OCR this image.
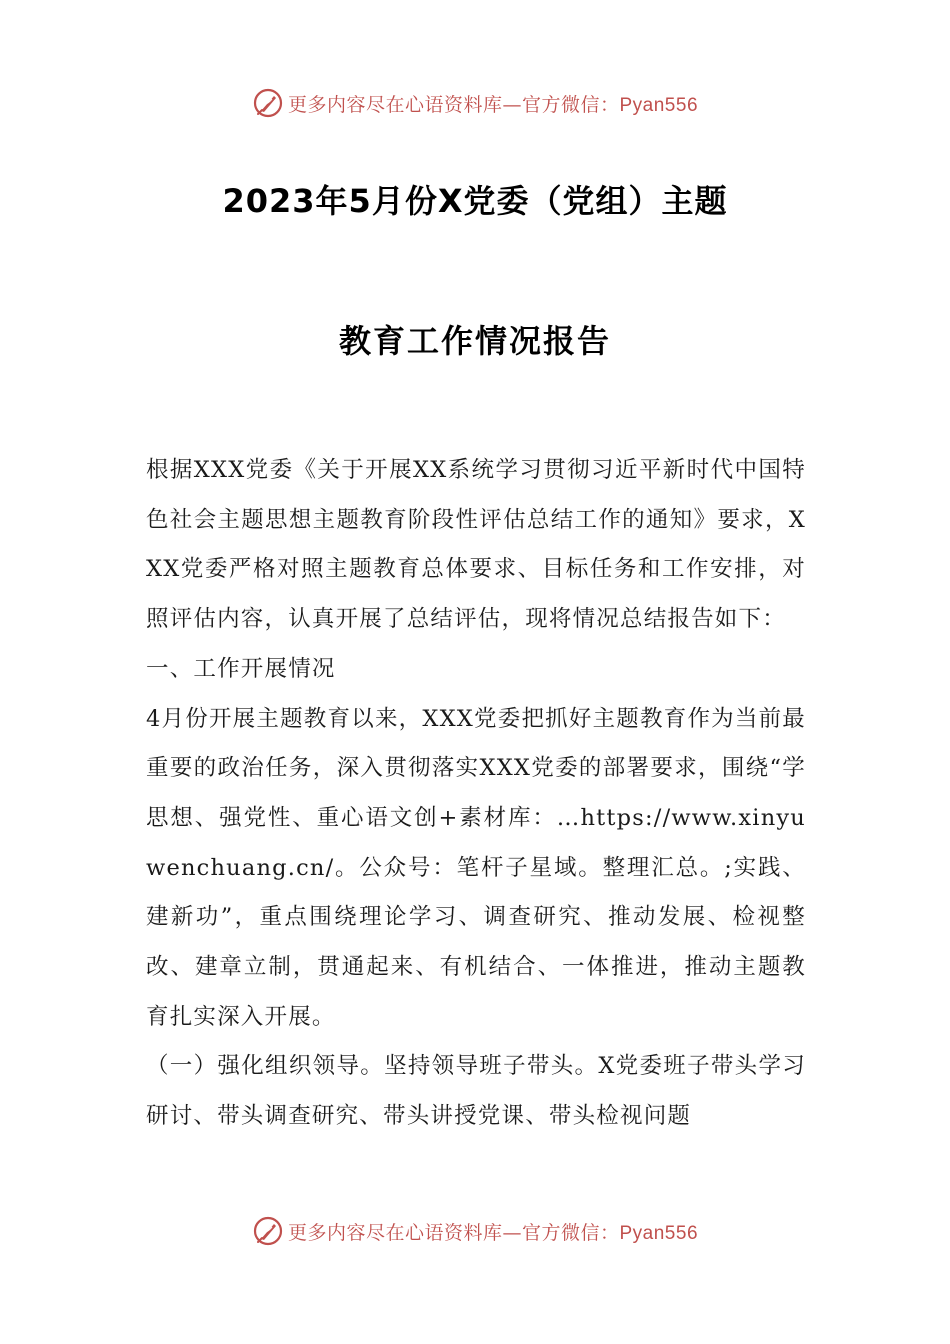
更多内容尽在心语资料库—官方微信：Pyan556
2023年5月份X党委（党组）主题
教育工作情况报告

根据XXX党委《关于开展XX系统学习贯彻习近平新时代中国特色社会主题思想主题教育阶段性评估总结工作的通知》要求，XXX党委严格对照主题教育总体要求、目标任务和工作安排，对照评估内容，认真开展了总结评估，现将情况总结报告如下：

一、工作开展情况

4月份开展主题教育以来，XXX党委把抓好主题教育作为当前最重要的政治任务，深入贯彻落实XXX党委的部署要求，围绕“学思想、强党性、重心语文创+素材库：…https://www.xinyuwenchuang.cn/。公众号：笔杆子星域。整理汇总。;实践、建新功”，重点围绕理论学习、调查研究、推动发展、检视整改、建章立制，贯通起来、有机结合、一体推进，推动主题教育扎实深入开展。

（一）强化组织领导。坚持领导班子带头。X党委班子带头学习研讨、带头调查研究、带头讲授党课、带头检视问题

更多内容尽在心语资料库—官方微信：Pyan556
